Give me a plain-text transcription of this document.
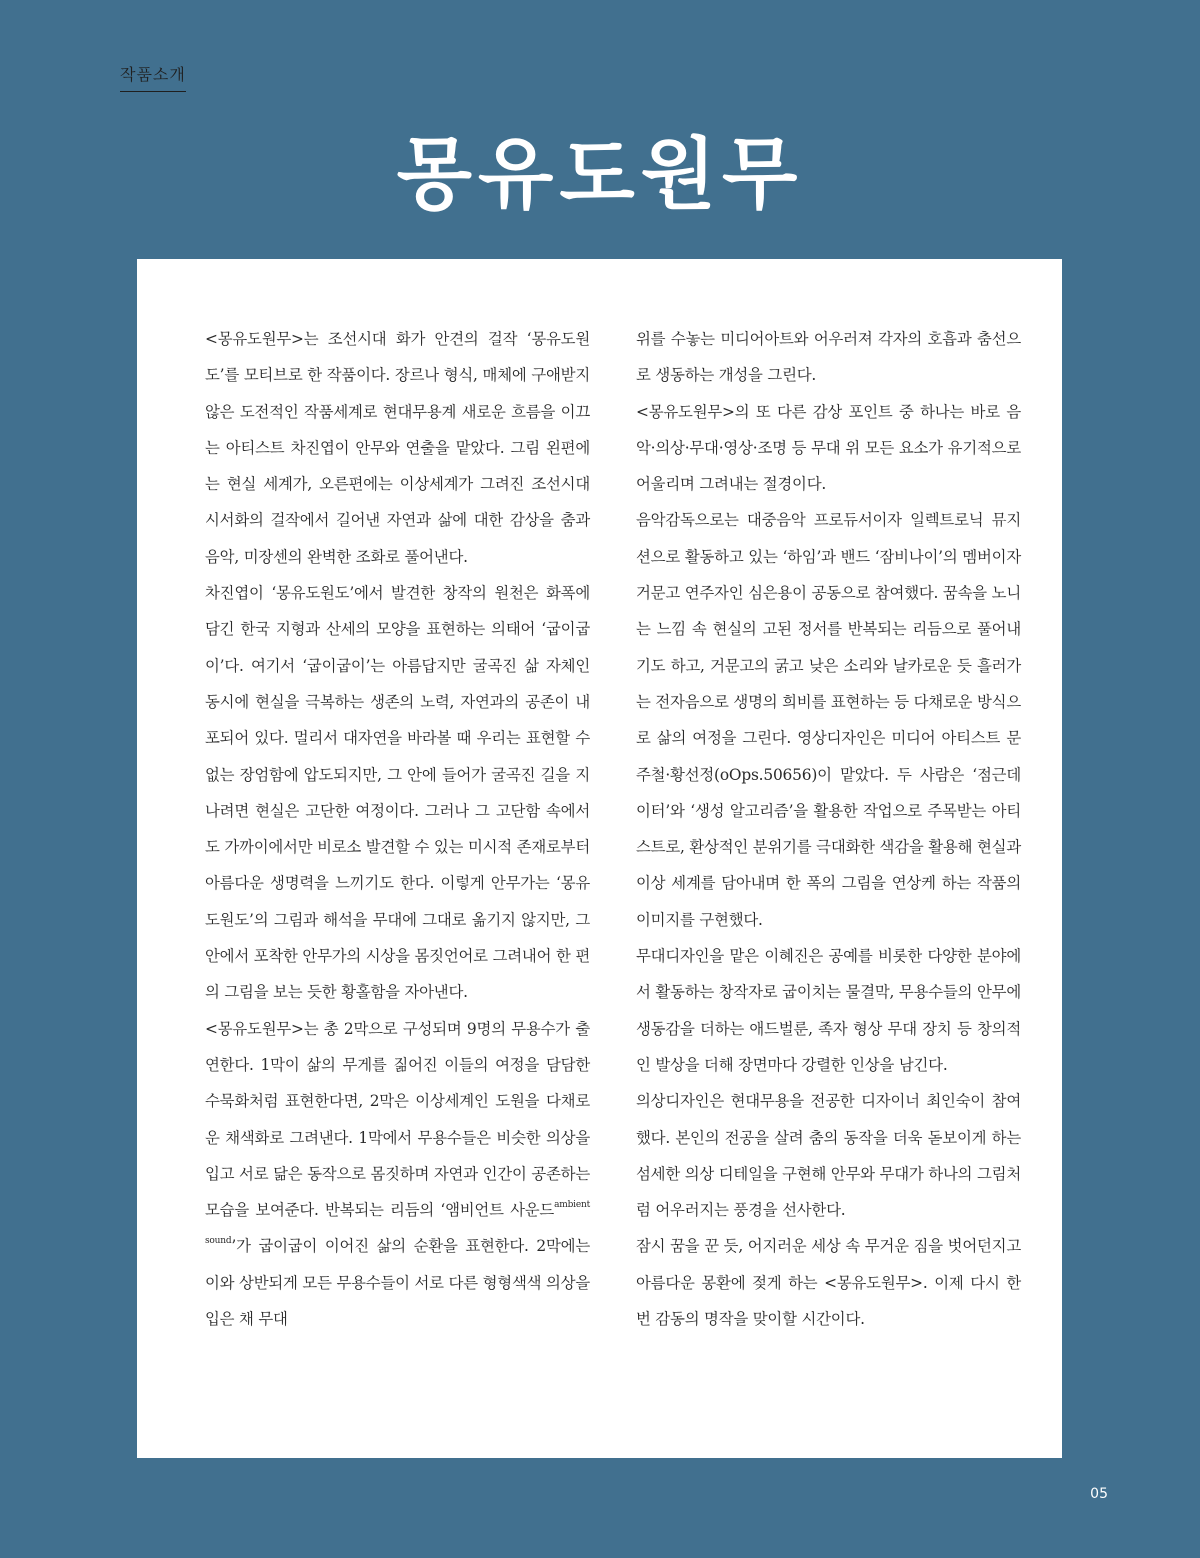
작품소개
몽유도원무

<몽유도원무>는 조선시대 화가 안견의 걸작 ‘몽유도원도’를 모티브로 한 작품이다. 장르나 형식, 매체에 구애받지 않은 도전적인 작품세계로 현대무용계 새로운 흐름을 이끄는 아티스트 차진엽이 안무와 연출을 맡았다. 그림 왼편에는 현실 세계가, 오른편에는 이상세계가 그려진 조선시대 시서화의 걸작에서 길어낸 자연과 삶에 대한 감상을 춤과 음악, 미장센의 완벽한 조화로 풀어낸다.

차진엽이 ‘몽유도원도’에서 발견한 창작의 원천은 화폭에 담긴 한국 지형과 산세의 모양을 표현하는 의태어 ‘굽이굽이’다. 여기서 ‘굽이굽이’는 아름답지만 굴곡진 삶 자체인 동시에 현실을 극복하는 생존의 노력, 자연과의 공존이 내포되어 있다. 멀리서 대자연을 바라볼 때 우리는 표현할 수 없는 장엄함에 압도되지만, 그 안에 들어가 굴곡진 길을 지나려면 현실은 고단한 여정이다. 그러나 그 고단함 속에서도 가까이에서만 비로소 발견할 수 있는 미시적 존재로부터 아름다운 생명력을 느끼기도 한다. 이렇게 안무가는 ‘몽유도원도’의 그림과 해석을 무대에 그대로 옮기지 않지만, 그 안에서 포착한 안무가의 시상을 몸짓언어로 그려내어 한 편의 그림을 보는 듯한 황홀함을 자아낸다.

<몽유도원무>는 총 2막으로 구성되며 9명의 무용수가 출연한다. 1막이 삶의 무게를 짊어진 이들의 여정을 담담한 수묵화처럼 표현한다면, 2막은 이상세계인 도원을 다채로운 채색화로 그려낸다. 1막에서 무용수들은 비슷한 의상을 입고 서로 닮은 동작으로 몸짓하며 자연과 인간이 공존하는 모습을 보여준다. 반복되는 리듬의 ‘앰비언트 사운드$^{ambient sound}$’가 굽이굽이 이어진 삶의 순환을 표현한다. 2막에는 이와 상반되게 모든 무용수들이 서로 다른 형형색색 의상을 입은 채 무대

위를 수놓는 미디어아트와 어우러져 각자의 호흡과 춤선으로 생동하는 개성을 그린다.

<몽유도원무>의 또 다른 감상 포인트 중 하나는 바로 음악·의상·무대·영상·조명 등 무대 위 모든 요소가 유기적으로 어울리며 그려내는 절경이다.

음악감독으로는 대중음악 프로듀서이자 일렉트로닉 뮤지션으로 활동하고 있는 ‘하임’과 밴드 ‘잠비나이’의 멤버이자 거문고 연주자인 심은용이 공동으로 참여했다. 꿈속을 노니는 느낌 속 현실의 고된 정서를 반복되는 리듬으로 풀어내기도 하고, 거문고의 굵고 낮은 소리와 날카로운 듯 흘러가는 전자음으로 생명의 희비를 표현하는 등 다채로운 방식으로 삶의 여정을 그린다. 영상디자인은 미디어 아티스트 문주철·황선정(oOps.50656)이 맡았다. 두 사람은 ‘점근데이터’와 ‘생성 알고리즘’을 활용한 작업으로 주목받는 아티스트로, 환상적인 분위기를 극대화한 색감을 활용해 현실과 이상 세계를 담아내며 한 폭의 그림을 연상케 하는 작품의 이미지를 구현했다.

무대디자인을 맡은 이혜진은 공예를 비롯한 다양한 분야에서 활동하는 창작자로 굽이치는 물결막, 무용수들의 안무에 생동감을 더하는 애드벌룬, 족자 형상 무대 장치 등 창의적인 발상을 더해 장면마다 강렬한 인상을 남긴다.

의상디자인은 현대무용을 전공한 디자이너 최인숙이 참여했다. 본인의 전공을 살려 춤의 동작을 더욱 돋보이게 하는 섬세한 의상 디테일을 구현해 안무와 무대가 하나의 그림처럼 어우러지는 풍경을 선사한다.

잠시 꿈을 꾼 듯, 어지러운 세상 속 무거운 짐을 벗어던지고 아름다운 몽환에 젖게 하는 <몽유도원무>. 이제 다시 한번 감동의 명작을 맞이할 시간이다.

05
